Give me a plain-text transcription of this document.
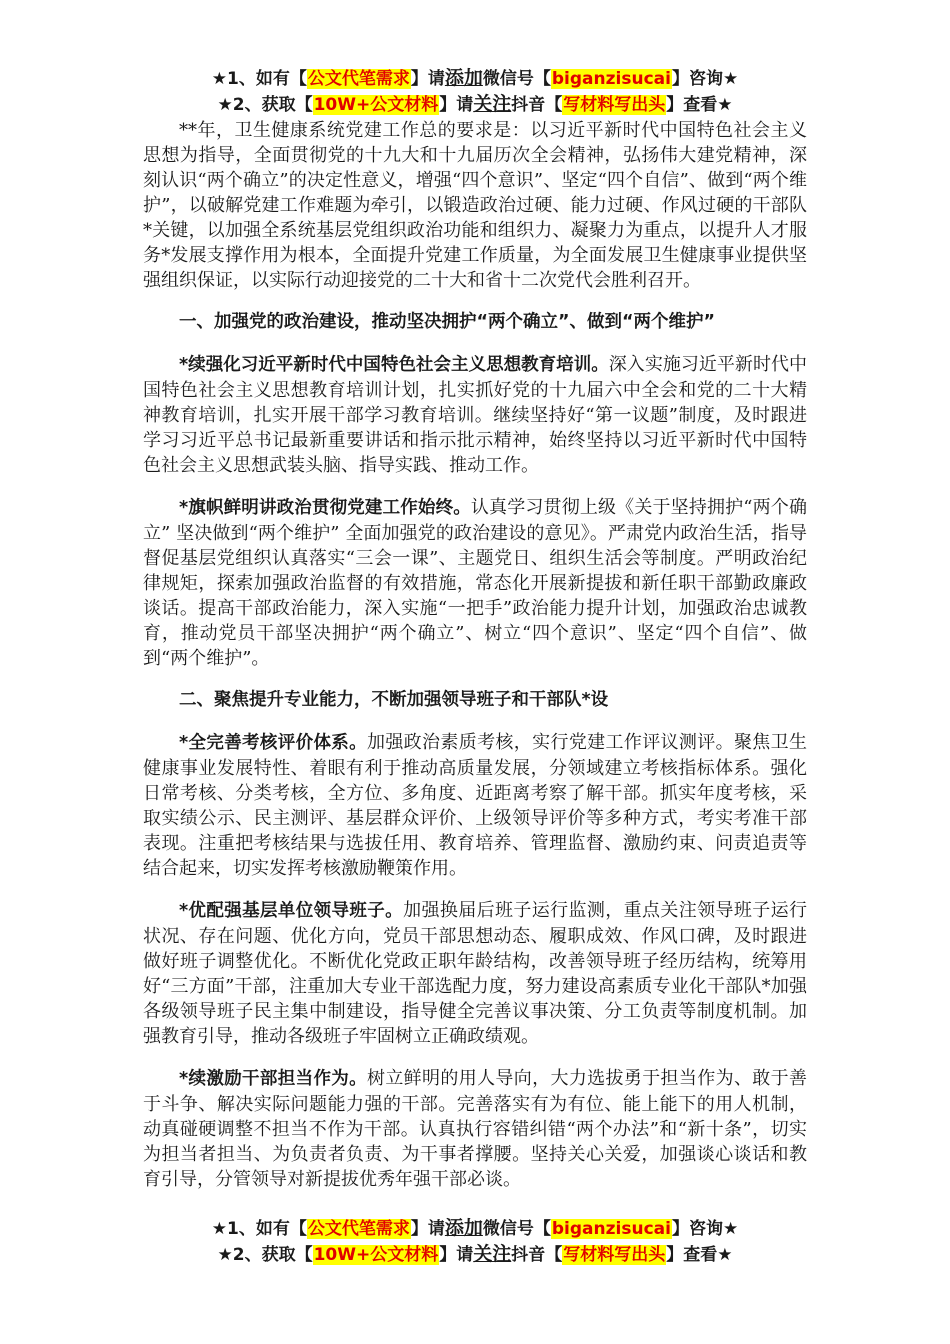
★1、如有【公文代笔需求】请添加微信号【biganzisucai】咨询★
★2、获取【10W+公文材料】请关注抖音【写材料写出头】查看★

**年，卫生健康系统党建工作总的要求是：以习近平新时代中国特色社会主义思想为指导，全面贯彻党的十九大和十九届历次全会精神，弘扬伟大建党精神，深刻认识“两个确立”的决定性意义，增强“四个意识”、坚定“四个自信”、做到“两个维护”，以破解党建工作难题为牵引，以锻造政治过硬、能力过硬、作风过硬的干部队*关键，以加强全系统基层党组织政治功能和组织力、凝聚力为重点，以提升人才服务*发展支撑作用为根本，全面提升党建工作质量，为全面发展卫生健康事业提供坚强组织保证，以实际行动迎接党的二十大和省十二次党代会胜利召开。

一、加强党的政治建设，推动坚决拥护“两个确立”、做到“两个维护”

*续强化习近平新时代中国特色社会主义思想教育培训。深入实施习近平新时代中国特色社会主义思想教育培训计划，扎实抓好党的十九届六中全会和党的二十大精神教育培训，扎实开展干部学习教育培训。继续坚持好“第一议题”制度，及时跟进学习习近平总书记最新重要讲话和指示批示精神，始终坚持以习近平新时代中国特色社会主义思想武装头脑、指导实践、推动工作。

*旗帜鲜明讲政治贯彻党建工作始终。认真学习贯彻上级《关于坚持拥护“两个确立” 坚决做到“两个维护” 全面加强党的政治建设的意见》。严肃党内政治生活，指导督促基层党组织认真落实“三会一课”、主题党日、组织生活会等制度。严明政治纪律规矩，探索加强政治监督的有效措施，常态化开展新提拔和新任职干部勤政廉政谈话。提高干部政治能力，深入实施“一把手”政治能力提升计划，加强政治忠诚教育，推动党员干部坚决拥护“两个确立”、树立“四个意识”、坚定“四个自信”、做到“两个维护”。

二、聚焦提升专业能力，不断加强领导班子和干部队*设

*全完善考核评价体系。加强政治素质考核，实行党建工作评议测评。聚焦卫生健康事业发展特性、着眼有利于推动高质量发展，分领域建立考核指标体系。强化日常考核、分类考核，全方位、多角度、近距离考察了解干部。抓实年度考核，采取实绩公示、民主测评、基层群众评价、上级领导评价等多种方式，考实考准干部表现。注重把考核结果与选拔任用、教育培养、管理监督、激励约束、问责追责等结合起来，切实发挥考核激励鞭策作用。

*优配强基层单位领导班子。加强换届后班子运行监测，重点关注领导班子运行状况、存在问题、优化方向，党员干部思想动态、履职成效、作风口碑，及时跟进做好班子调整优化。不断优化党政正职年龄结构，改善领导班子经历结构，统筹用好“三方面”干部，注重加大专业干部选配力度，努力建设高素质专业化干部队*加强各级领导班子民主集中制建设，指导健全完善议事决策、分工负责等制度机制。加强教育引导，推动各级班子牢固树立正确政绩观。

*续激励干部担当作为。树立鲜明的用人导向，大力选拔勇于担当作为、敢于善于斗争、解决实际问题能力强的干部。完善落实有为有位、能上能下的用人机制，动真碰硬调整不担当不作为干部。认真执行容错纠错“两个办法”和“新十条”，切实为担当者担当、为负责者负责、为干事者撑腰。坚持关心关爱，加强谈心谈话和教育引导，分管领导对新提拔优秀年强干部必谈。

★1、如有【公文代笔需求】请添加微信号【biganzisucai】咨询★
★2、获取【10W+公文材料】请关注抖音【写材料写出头】查看★
